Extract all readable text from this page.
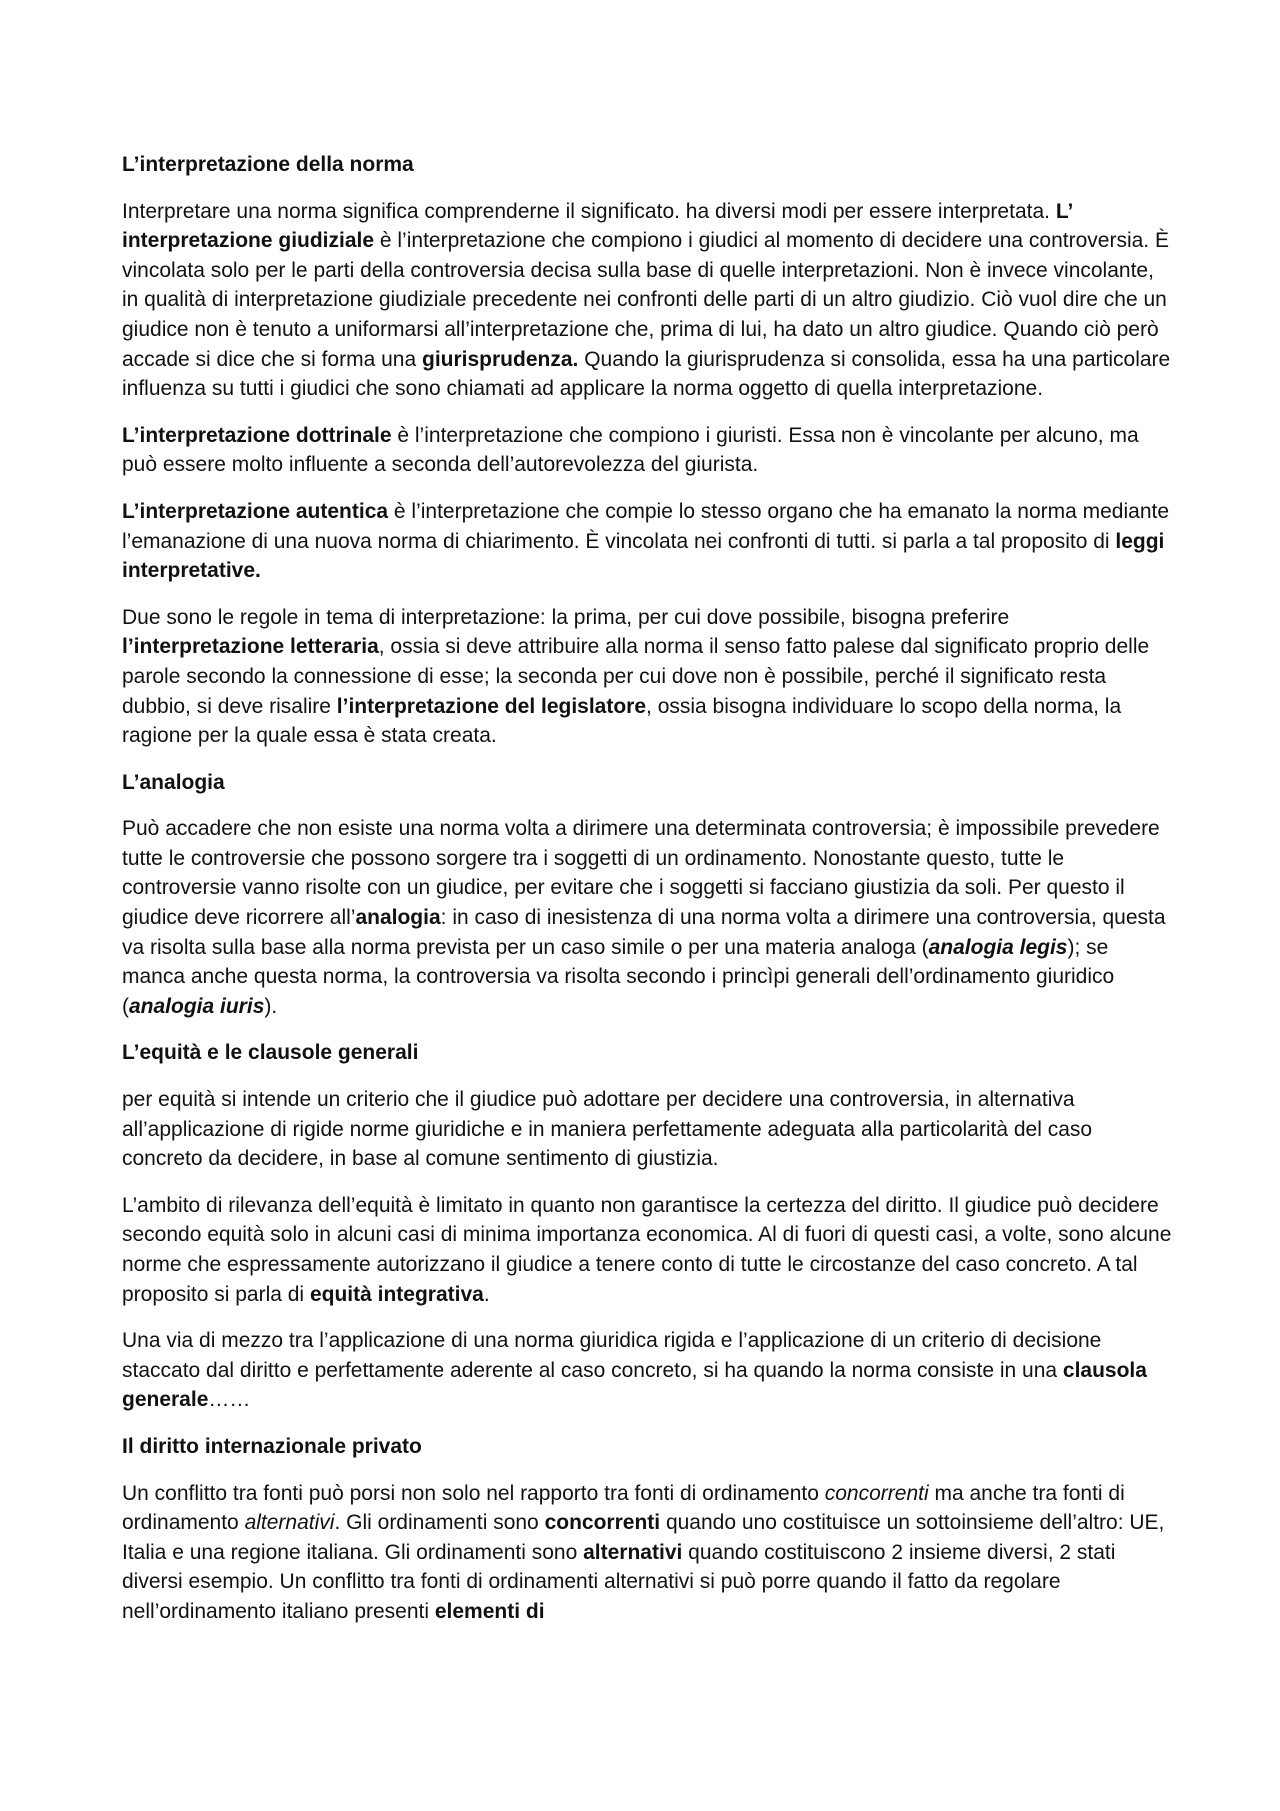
L’interpretazione della norma

Interpretare una norma significa comprenderne il significato. ha diversi modi per essere interpretata. L’ interpretazione giudiziale è l’interpretazione che compiono i giudici al momento di decidere una controversia. È vincolata solo per le parti della controversia decisa sulla base di quelle interpretazioni. Non è invece vincolante, in qualità di interpretazione giudiziale precedente nei confronti delle parti di un altro giudizio. Ciò vuol dire che un giudice non è tenuto a uniformarsi all’interpretazione che, prima di lui, ha dato un altro giudice. Quando ciò però accade si dice che si forma una giurisprudenza. Quando la giurisprudenza si consolida, essa ha una particolare influenza su tutti i giudici che sono chiamati ad applicare la norma oggetto di quella interpretazione.

L’interpretazione dottrinale è l’interpretazione che compiono i giuristi. Essa non è vincolante per alcuno, ma può essere molto influente a seconda dell’autorevolezza del giurista.

L’interpretazione autentica è l’interpretazione che compie lo stesso organo che ha emanato la norma mediante l’emanazione di una nuova norma di chiarimento. È vincolata nei confronti di tutti. si parla a tal proposito di leggi interpretative.

Due sono le regole in tema di interpretazione: la prima, per cui dove possibile, bisogna preferire l’interpretazione letteraria, ossia si deve attribuire alla norma il senso fatto palese dal significato proprio delle parole secondo la connessione di esse; la seconda per cui dove non è possibile, perché il significato resta dubbio, si deve risalire l’interpretazione del legislatore, ossia bisogna individuare lo scopo della norma, la ragione per la quale essa è stata creata.

L’analogia

Può accadere che non esiste una norma volta a dirimere una determinata controversia; è impossibile prevedere tutte le controversie che possono sorgere tra i soggetti di un ordinamento. Nonostante questo, tutte le controversie vanno risolte con un giudice, per evitare che i soggetti si facciano giustizia da soli. Per questo il giudice deve ricorrere all’analogia: in caso di inesistenza di una norma volta a dirimere una controversia, questa va risolta sulla base alla norma prevista per un caso simile o per una materia analoga (analogia legis); se manca anche questa norma, la controversia va risolta secondo i princìpi generali dell’ordinamento giuridico (analogia iuris).

L’equità e le clausole generali

per equità si intende un criterio che il giudice può adottare per decidere una controversia, in alternativa all’applicazione di rigide norme giuridiche e in maniera perfettamente adeguata alla particolarità del caso concreto da decidere, in base al comune sentimento di giustizia.

L’ambito di rilevanza dell’equità è limitato in quanto non garantisce la certezza del diritto. Il giudice può decidere secondo equità solo in alcuni casi di minima importanza economica. Al di fuori di questi casi, a volte, sono alcune norme che espressamente autorizzano il giudice a tenere conto di tutte le circostanze del caso concreto. A tal proposito si parla di equità integrativa.

Una via di mezzo tra l’applicazione di una norma giuridica rigida e l’applicazione di un criterio di decisione staccato dal diritto e perfettamente aderente al caso concreto, si ha quando la norma consiste in una clausola generale……

Il diritto internazionale privato

Un conflitto tra fonti può porsi non solo nel rapporto tra fonti di ordinamento concorrenti ma anche tra fonti di ordinamento alternativi. Gli ordinamenti sono concorrenti quando uno costituisce un sottoinsieme dell’altro: UE, Italia e una regione italiana. Gli ordinamenti sono alternativi quando costituiscono 2 insieme diversi, 2 stati diversi esempio. Un conflitto tra fonti di ordinamenti alternativi si può porre quando il fatto da regolare nell’ordinamento italiano presenti elementi di
